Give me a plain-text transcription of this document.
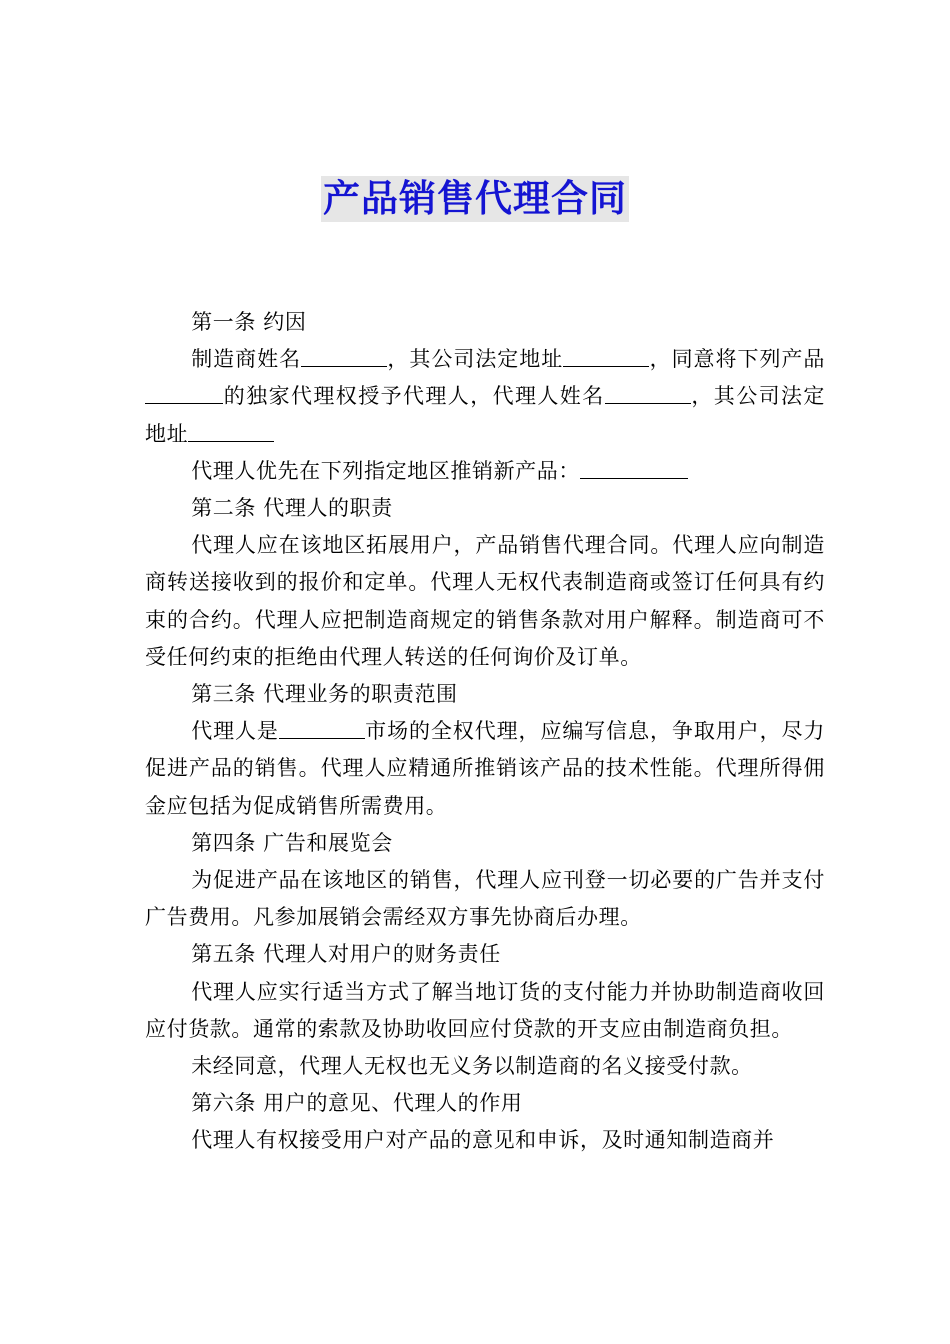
产品销售代理合同

第一条 约因

制造商姓名	，其公司法定地址	，同意将下列产品的独家代理权授予代理人，代理人姓名	，其公司法定地址

代理人优先在下列指定地区推销新产品：

第二条 代理人的职责

代理人应在该地区拓展用户，产品销售代理合同。代理人应向制造商转送接收到的报价和定单。代理人无权代表制造商或签订任何具有约束的合约。代理人应把制造商规定的销售条款对用户解释。制造商可不受任何约束的拒绝由代理人转送的任何询价及订单。

第三条 代理业务的职责范围

代理人是	市场的全权代理，应编写信息，争取用户，尽力促进产品的销售。代理人应精通所推销该产品的技术性能。代理所得佣金应包括为促成销售所需费用。

第四条 广告和展览会

为促进产品在该地区的销售，代理人应刊登一切必要的广告并支付广告费用。凡参加展销会需经双方事先协商后办理。

第五条 代理人对用户的财务责任

代理人应实行适当方式了解当地订货的支付能力并协助制造商收回应付货款。通常的索款及协助收回应付贷款的开支应由制造商负担。

未经同意，代理人无权也无义务以制造商的名义接受付款。

第六条 用户的意见、代理人的作用

代理人有权接受用户对产品的意见和申诉，及时通知制造商并
